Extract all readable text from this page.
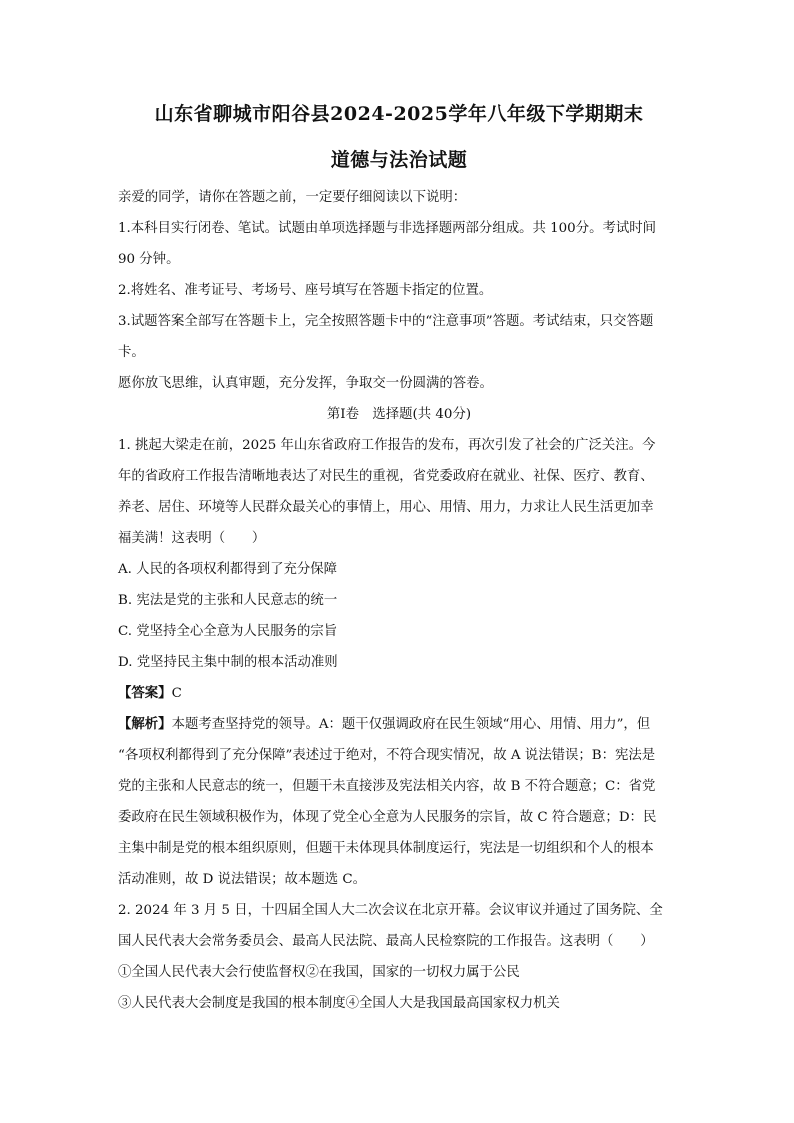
山东省聊城市阳谷县2024-2025学年八年级下学期期末
道德与法治试题

亲爱的同学，请你在答题之前，一定要仔细阅读以下说明：

1.本科目实行闭卷、笔试。试题由单项选择题与非选择题两部分组成。共 100分。考试时间

90 分钟。

2.将姓名、准考证号、考场号、座号填写在答题卡指定的位置。

3.试题答案全部写在答题卡上，完全按照答题卡中的“注意事项”答题。考试结束，只交答题

卡。

愿你放飞思维，认真审题，充分发挥，争取交一份圆满的答卷。

第Ⅰ卷　选择题(共 40分)

1. 挑起大梁走在前，2025 年山东省政府工作报告的发布，再次引发了社会的广泛关注。今

年的省政府工作报告清晰地表达了对民生的重视，省党委政府在就业、社保、医疗、教育、

养老、居住、环境等人民群众最关心的事情上，用心、用情、用力，力求让人民生活更加幸

福美满！这表明（　　）

A. 人民的各项权利都得到了充分保障

B. 宪法是党的主张和人民意志的统一

C. 党坚持全心全意为人民服务的宗旨

D. 党坚持民主集中制的根本活动准则

【答案】C

【解析】本题考查坚持党的领导。A：题干仅强调政府在民生领域“用心、用情、用力”，但

“各项权利都得到了充分保障”表述过于绝对，不符合现实情况，故 A 说法错误；B：宪法是

党的主张和人民意志的统一，但题干未直接涉及宪法相关内容，故 B 不符合题意；C：省党

委政府在民生领域积极作为，体现了党全心全意为人民服务的宗旨，故 C 符合题意；D：民

主集中制是党的根本组织原则，但题干未体现具体制度运行，宪法是一切组织和个人的根本

活动准则，故 D 说法错误；故本题选 C。

2. 2024 年 3 月 5 日，十四届全国人大二次会议在北京开幕。会议审议并通过了国务院、全

国人民代表大会常务委员会、最高人民法院、最高人民检察院的工作报告。这表明（　　）

①全国人民代表大会行使监督权②在我国，国家的一切权力属于公民

③人民代表大会制度是我国的根本制度④全国人大是我国最高国家权力机关
